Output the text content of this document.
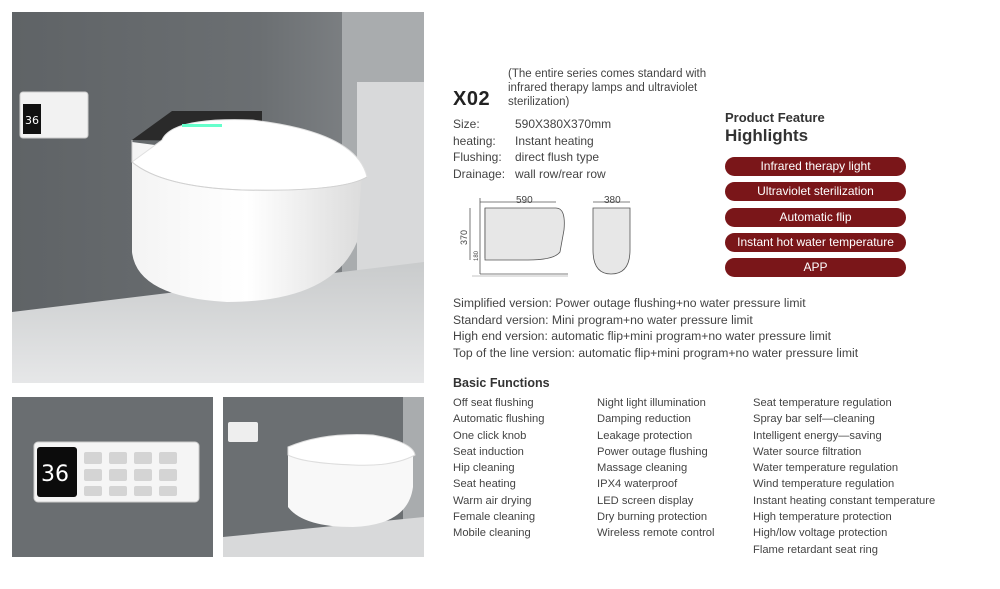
36
36
X02
(The entire series comes standard with infrared therapy lamps and ultraviolet sterilization)
Size:	590X380X370mm
heating:	Instant heating
Flushing:	direct flush type
Drainage: wall row/rear row
590	380
370
180
Product Feature
Highlights
Infrared therapy light
Ultraviolet sterilization
Automatic flip
Instant hot water temperature
APP
Simplified version: Power outage flushing+no water pressure limit
Standard version: Mini program+no water pressure limit
High end version: automatic flip+mini program+no water pressure limit
Top of the line version: automatic flip+mini program+no water pressure limit
Basic Functions
Off seat flushing
Automatic flushing
One click knob
Seat induction
Hip cleaning
Seat heating
Warm air drying
Female cleaning
Mobile cleaning
Night light illumination
Damping reduction
Leakage protection
Power outage flushing
Massage cleaning
IPX4 waterproof
LED screen display
Dry burning protection
Wireless remote control
Seat temperature regulation
Spray bar self—cleaning
Intelligent energy—saving
Water source filtration
Water temperature regulation
Wind temperature regulation
Instant heating constant temperature
High temperature protection
High/low voltage protection
Flame retardant seat ring
